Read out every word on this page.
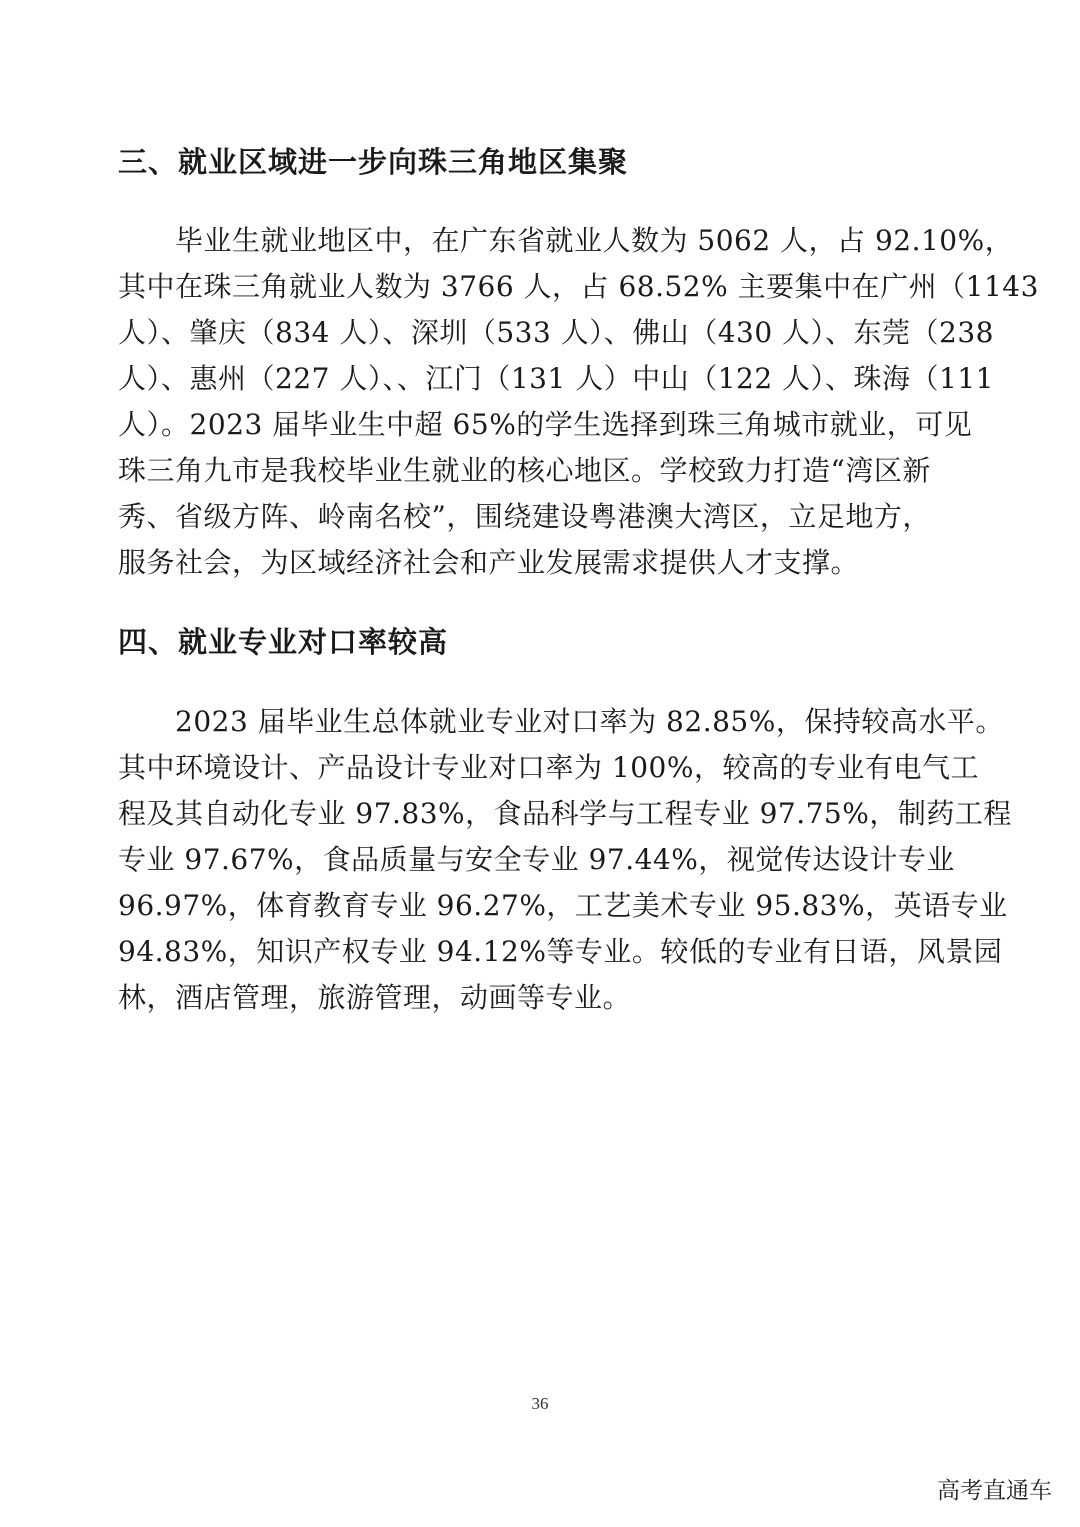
三、就业区域进一步向珠三角地区集聚
　　毕业生就业地区中，在广东省就业人数为 5062 人，占 92.10%，
其中在珠三角就业人数为 3766 人，占 68.52% 主要集中在广州（1143
人）、肇庆（834 人）、深圳（533 人）、佛山（430 人）、东莞（238
人）、惠州（227 人）、、江门（131 人）中山（122 人）、珠海（111
人）。2023 届毕业生中超 65%的学生选择到珠三角城市就业，可见
珠三角九市是我校毕业生就业的核心地区。学校致力打造“湾区新
秀、省级方阵、岭南名校”，围绕建设粤港澳大湾区，立足地方，
服务社会，为区域经济社会和产业发展需求提供人才支撑。
四、就业专业对口率较高
　　2023 届毕业生总体就业专业对口率为 82.85%，保持较高水平。
其中环境设计、产品设计专业对口率为 100%，较高的专业有电气工
程及其自动化专业 97.83%，食品科学与工程专业 97.75%，制药工程
专业 97.67%，食品质量与安全专业 97.44%，视觉传达设计专业
96.97%，体育教育专业 96.27%，工艺美术专业 95.83%，英语专业
94.83%，知识产权专业 94.12%等专业。较低的专业有日语，风景园
林，酒店管理，旅游管理，动画等专业。
36
高考直通车
